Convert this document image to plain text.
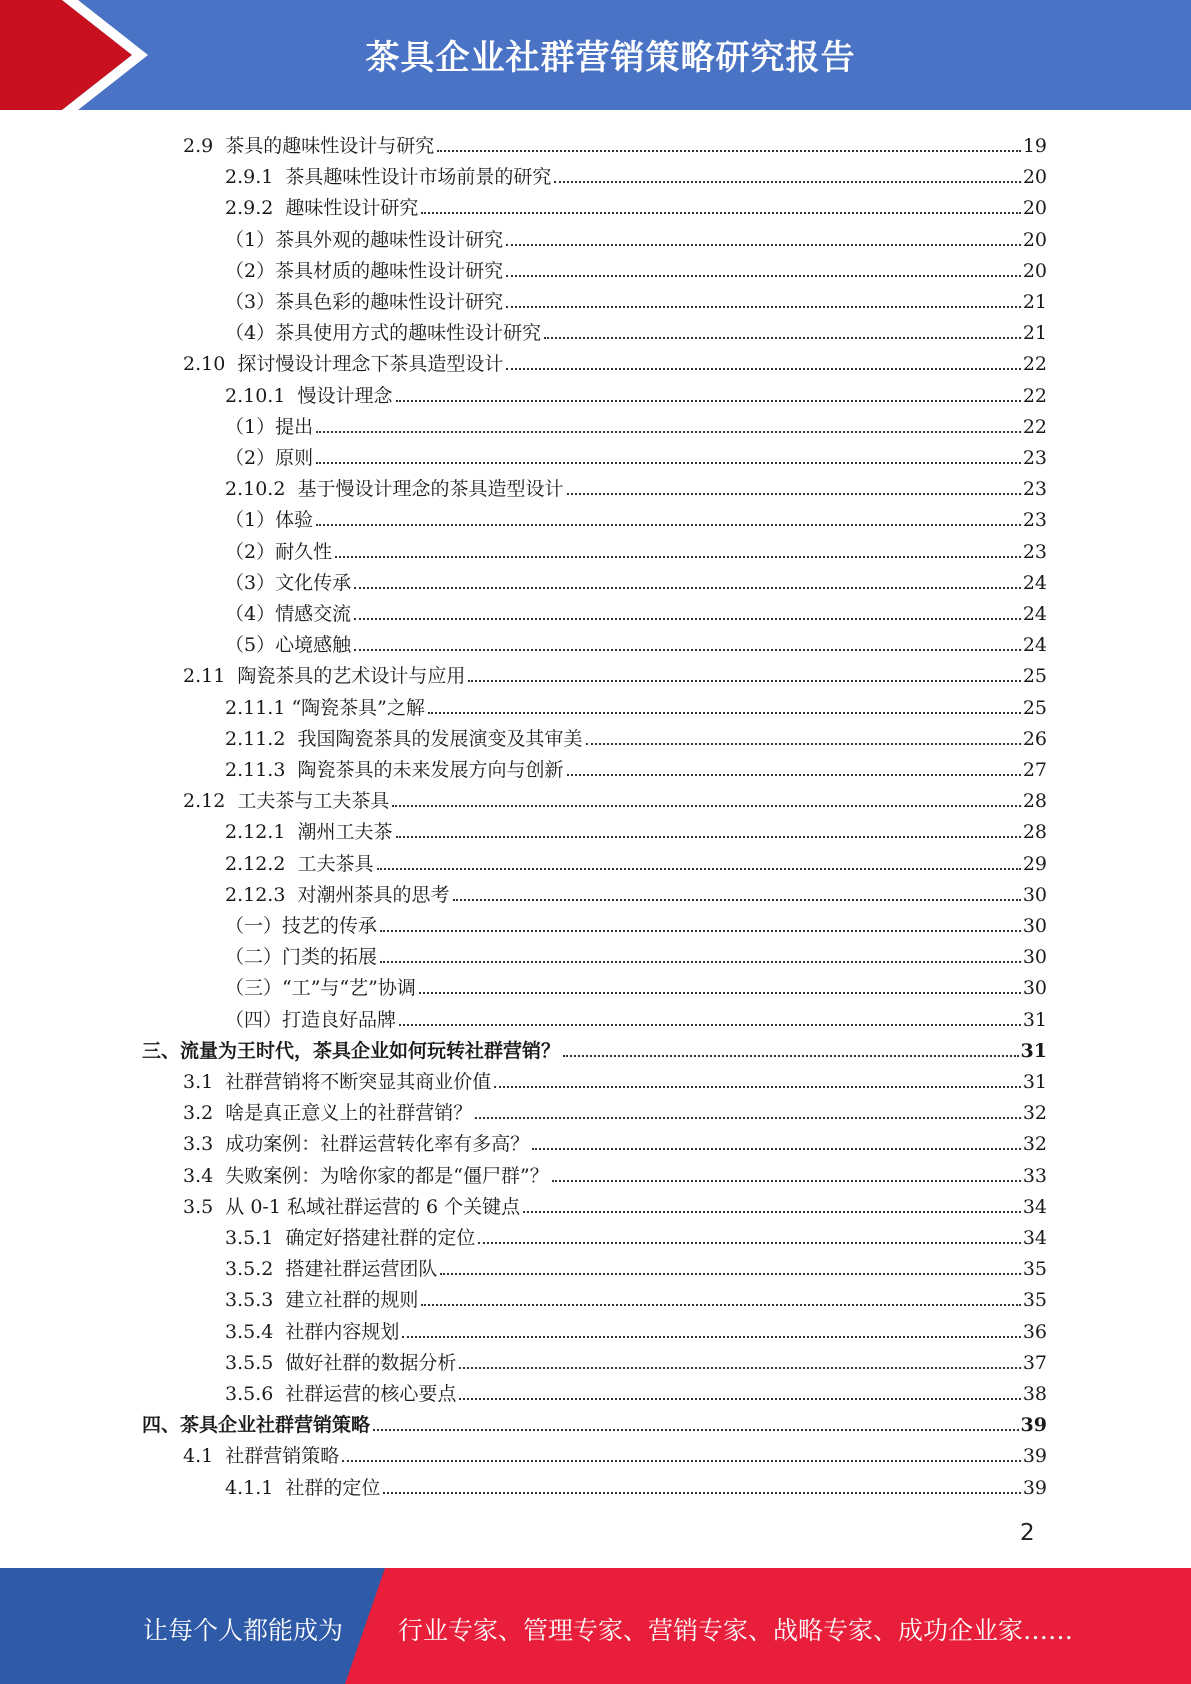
茶具企业社群营销策略研究报告
2.9  茶具的趣味性设计与研究	19
2.9.1  茶具趣味性设计市场前景的研究	20
2.9.2  趣味性设计研究	20
（1）茶具外观的趣味性设计研究	20
（2）茶具材质的趣味性设计研究	20
（3）茶具色彩的趣味性设计研究	21
（4）茶具使用方式的趣味性设计研究	21
2.10  探讨慢设计理念下茶具造型设计	22
2.10.1  慢设计理念	22
（1）提出	22
（2）原则	23
2.10.2  基于慢设计理念的茶具造型设计	23
（1）体验	23
（2）耐久性	23
（3）文化传承	24
（4）情感交流	24
（5）心境感触	24
2.11  陶瓷茶具的艺术设计与应用	25
2.11.1 “陶瓷茶具”之解	25
2.11.2  我国陶瓷茶具的发展演变及其审美	26
2.11.3  陶瓷茶具的未来发展方向与创新	27
2.12  工夫茶与工夫茶具	28
2.12.1  潮州工夫茶	28
2.12.2  工夫茶具	29
2.12.3  对潮州茶具的思考	30
（一）技艺的传承	30
（二）门类的拓展	30
（三）“工”与“艺”协调	30
（四）打造良好品牌	31
三、流量为王时代，茶具企业如何玩转社群营销？	31
3.1  社群营销将不断突显其商业价值	31
3.2  啥是真正意义上的社群营销？	32
3.3  成功案例：社群运营转化率有多高？	32
3.4  失败案例：为啥你家的都是“僵尸群”？	33
3.5  从 0-1 私域社群运营的 6 个关键点	34
3.5.1  确定好搭建社群的定位	34
3.5.2  搭建社群运营团队	35
3.5.3  建立社群的规则	35
3.5.4  社群内容规划	36
3.5.5  做好社群的数据分析	37
3.5.6  社群运营的核心要点	38
四、茶具企业社群营销策略	39
4.1  社群营销策略	39
4.1.1  社群的定位	39
2
让每个人都能成为 行业专家、管理专家、营销专家、战略专家、成功企业家……
